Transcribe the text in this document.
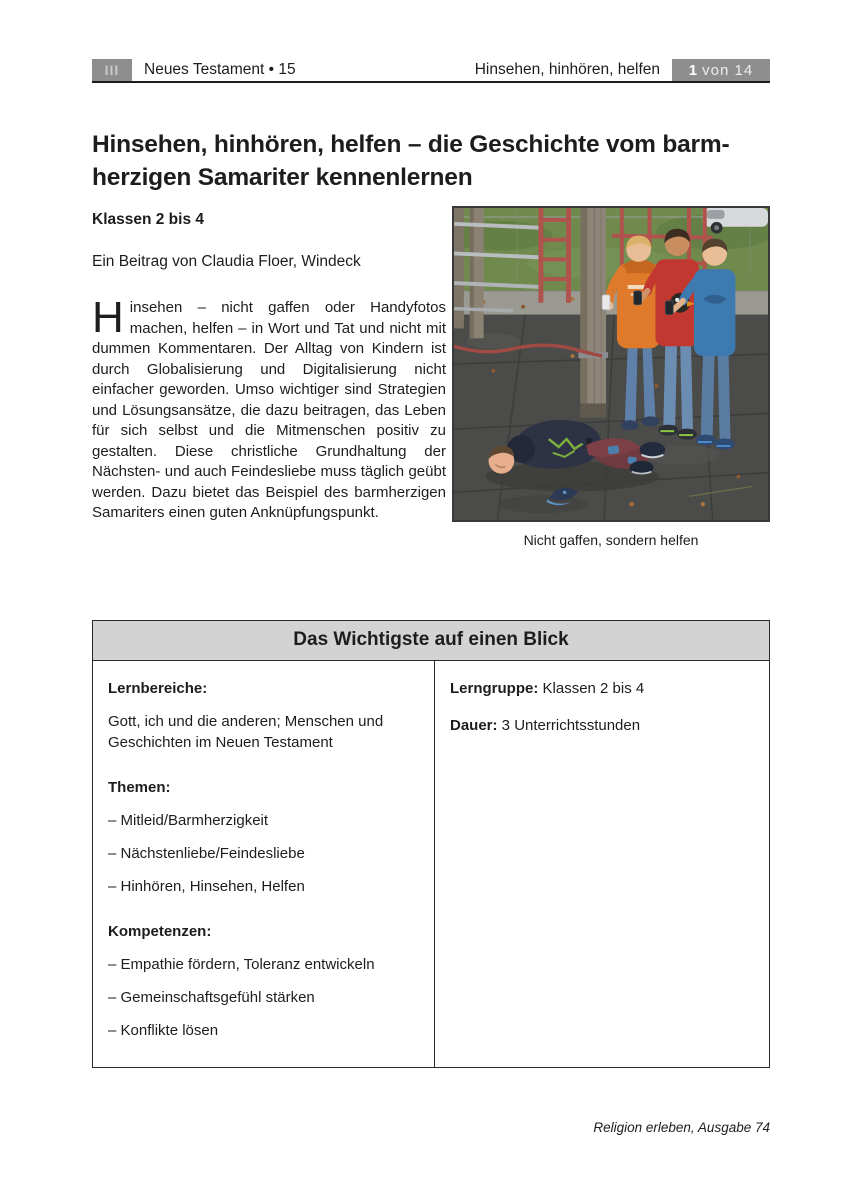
III	Neues Testament • 15	Hinsehen, hinhören, helfen 1 von 14
Hinsehen, hinhören, helfen – die Geschichte vom barm-
herzigen Samariter kennenlernen
Klassen 2 bis 4
Ein Beitrag von Claudia Floer, Windeck

Hinsehen – nicht gaffen oder Handyfotos machen, helfen – in Wort und Tat und nicht mit dummen Kommentaren. Der Alltag von Kindern ist durch Globalisierung und Digitalisierung nicht einfacher geworden. Umso wichtiger sind Strategien und Lösungsansätze, die dazu beitragen, das Leben für sich selbst und die Mitmenschen positiv zu gestalten. Diese christliche Grundhaltung der Nächsten- und auch Feindesliebe muss täglich geübt werden. Dazu bietet das Beispiel des barmherzigen Samariters einen guten Anknüpfungspunkt.

Nicht gaffen, sondern helfen
Das Wichtigste auf einen Blick

Lernbereiche:

Gott, ich und die anderen; Menschen und Geschichten im Neuen Testament

Themen:

– Mitleid/Barmherzigkeit

– Nächstenliebe/Feindesliebe

– Hinhören, Hinsehen, Helfen

Kompetenzen:

– Empathie fördern, Toleranz entwickeln

– Gemeinschaftsgefühl stärken

– Konflikte lösen

Lerngruppe: Klassen 2 bis 4

Dauer: 3 Unterrichtsstunden

Religion erleben, Ausgabe 74
